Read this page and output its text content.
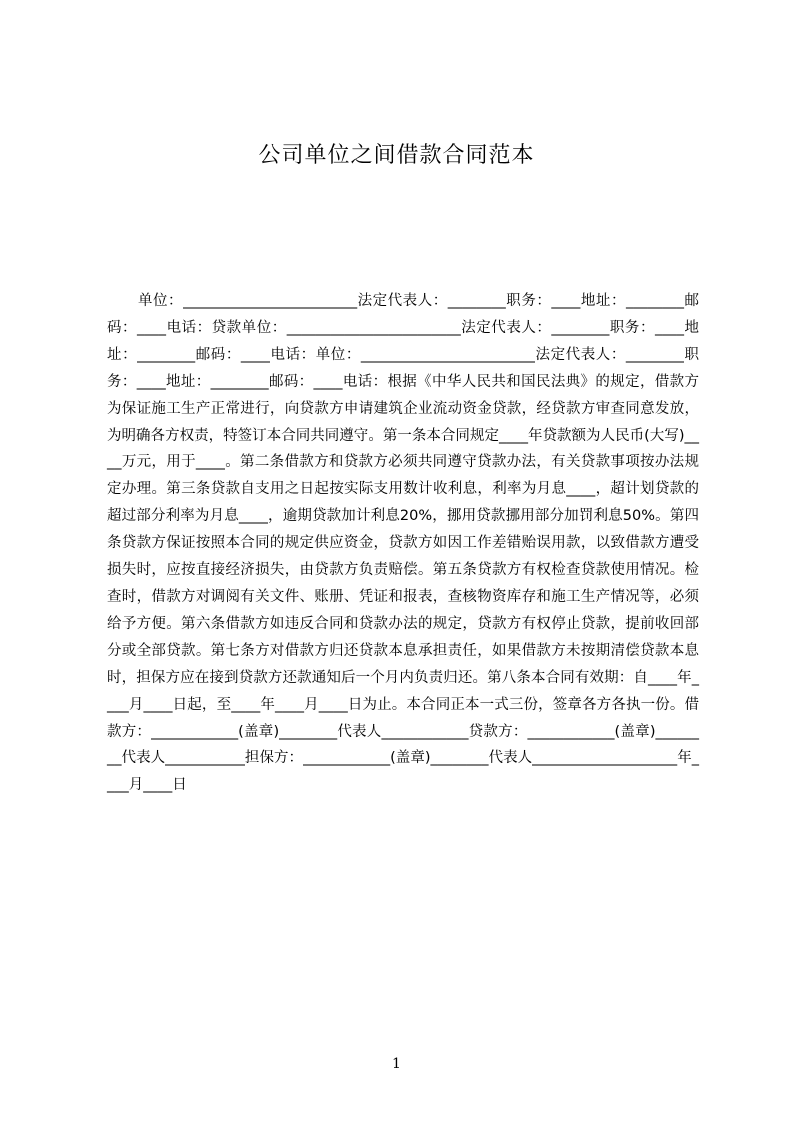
公司单位之间借款合同范本

单位：________________________法定代表人：________职务：____地址：________邮码：____电话：贷款单位：________________________法定代表人：________职务：____地址：________邮码：____电话：单位：________________________法定代表人：________职务：____地址：________邮码：____电话：根据《中华人民共和国民法典》的规定，借款方为保证施工生产正常进行，向贷款方申请建筑企业流动资金贷款，经贷款方审查同意发放，为明确各方权责，特签订本合同共同遵守。第一条本合同规定____年贷款额为人民币(大写)____万元，用于____。第二条借款方和贷款方必须共同遵守贷款办法，有关贷款事项按办法规定办理。第三条贷款自支用之日起按实际支用数计收利息，利率为月息____，超计划贷款的超过部分利率为月息____，逾期贷款加计利息20%，挪用贷款挪用部分加罚利息50%。第四条贷款方保证按照本合同的规定供应资金，贷款方如因工作差错贻误用款，以致借款方遭受损失时，应按直接经济损失，由贷款方负责赔偿。第五条贷款方有权检查贷款使用情况。检查时，借款方对调阅有关文件、账册、凭证和报表，查核物资库存和施工生产情况等，必须给予方便。第六条借款方如违反合同和贷款办法的规定，贷款方有权停止贷款，提前收回部分或全部贷款。第七条方对借款方归还贷款本息承担责任，如果借款方未按期清偿贷款本息时，担保方应在接到贷款方还款通知后一个月内负责归还。第八条本合同有效期：自____年____月____日起，至____年____月____日为止。本合同正本一式三份，签章各方各执一份。借款方：____________(盖章)________代表人____________贷款方：____________(盖章)________代表人___________担保方：____________(盖章)________代表人____________________年____月____日

1
